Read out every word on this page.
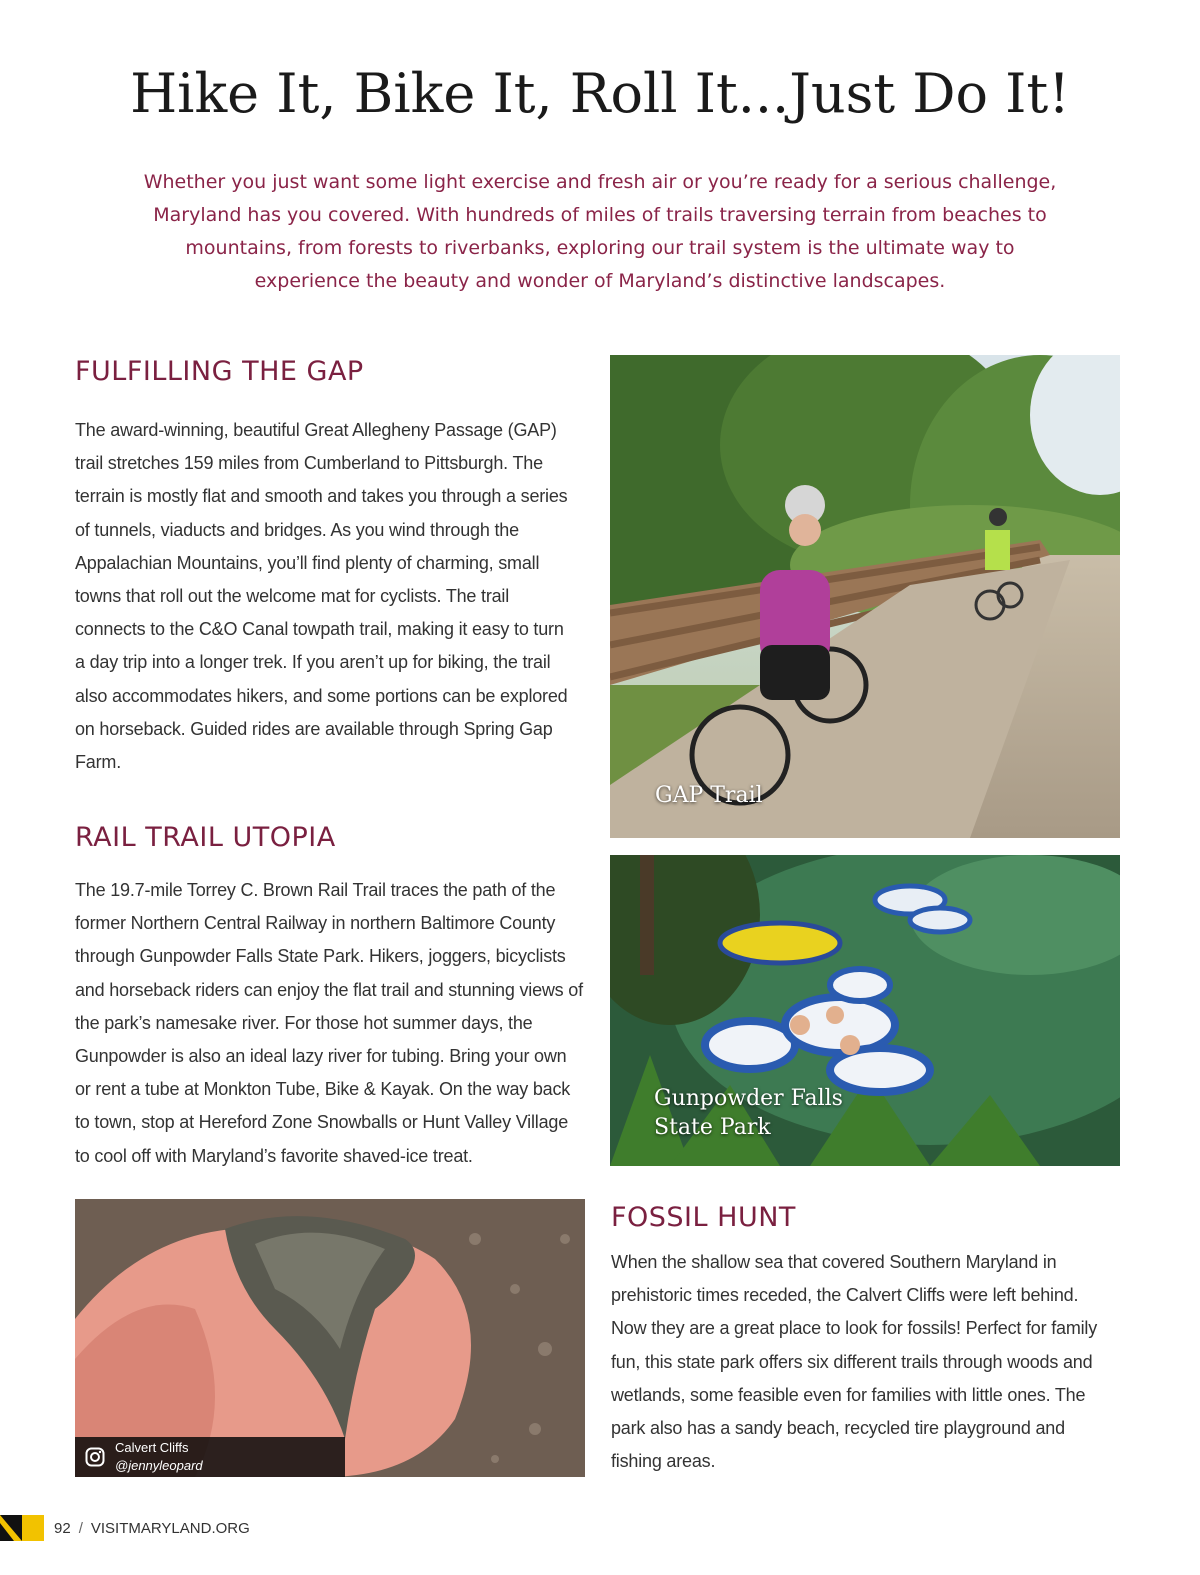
Hike It, Bike It, Roll It...Just Do It!

Whether you just want some light exercise and fresh air or you’re ready for a serious challenge, Maryland has you covered. With hundreds of miles of trails traversing terrain from beaches to mountains, from forests to riverbanks, exploring our trail system is the ultimate way to experience the beauty and wonder of Maryland’s distinctive landscapes.

FULFILLING THE GAP

The award-winning, beautiful Great Allegheny Passage (GAP) trail stretches 159 miles from Cumberland to Pittsburgh. The terrain is mostly flat and smooth and takes you through a series of tunnels, viaducts and bridges. As you wind through the Appalachian Mountains, you’ll find plenty of charming, small towns that roll out the welcome mat for cyclists. The trail connects to the C&O Canal towpath trail, making it easy to turn a day trip into a longer trek. If you aren’t up for biking, the trail also accommodates hikers, and some portions can be explored on horseback. Guided rides are available through Spring Gap Farm.

RAIL TRAIL UTOPIA

The 19.7-mile Torrey C. Brown Rail Trail traces the path of the former Northern Central Railway in northern Baltimore County through Gunpowder Falls State Park. Hikers, joggers, bicyclists and horseback riders can enjoy the flat trail and stunning views of the park’s namesake river. For those hot summer days, the Gunpowder is also an ideal lazy river for tubing. Bring your own or rent a tube at Monkton Tube, Bike & Kayak. On the way back to town, stop at Hereford Zone Snowballs or Hunt Valley Village to cool off with Maryland’s favorite shaved-ice treat.

FOSSIL HUNT

When the shallow sea that covered Southern Maryland in prehistoric times receded, the Calvert Cliffs were left behind. Now they are a great place to look for fossils! Perfect for family fun, this state park offers six different trails through woods and wetlands, some feasible even for families with little ones. The park also has a sandy beach, recycled tire playground and fishing areas.

GAP Trail
Gunpowder Falls
State Park
Calvert Cliffs
@jennyleopard
92 / VISITMARYLAND.ORG
